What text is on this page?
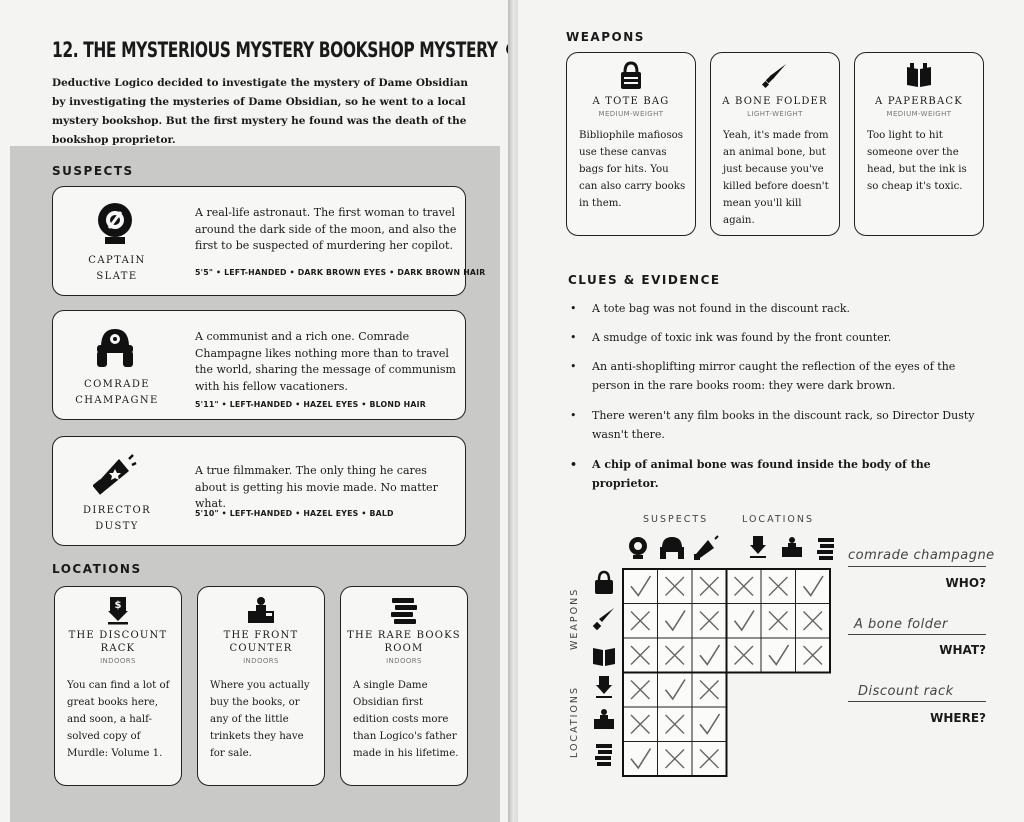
12. THE MYSTERIOUS MYSTERY BOOKSHOP MYSTERY
Deductive Logico decided to investigate the mystery of Dame Obsidian by investigating the mysteries of Dame Obsidian, so he went to a local mystery bookshop. But the first mystery he found was the death of the bookshop proprietor.
SUSPECTS
CAPTAIN
SLATE
A real-life astronaut. The first woman to travel around the dark side of the moon, and also the first to be suspected of murdering her copilot.
5'5" • LEFT-HANDED • DARK BROWN EYES • DARK BROWN HAIR
COMRADE
CHAMPAGNE
A communist and a rich one. Comrade Champagne likes nothing more than to travel the world, sharing the message of communism with his fellow vacationers.
5'11" • LEFT-HANDED • HAZEL EYES • BLOND HAIR
DIRECTOR
DUSTY
A true filmmaker. The only thing he cares about is getting his movie made. No matter what.
5'10" • LEFT-HANDED • HAZEL EYES • BALD
LOCATIONS
$
THE DISCOUNT RACK
INDOORS
You can find a lot of great books here, and soon, a half-solved copy of Murdle: Volume 1.
THE FRONT COUNTER
INDOORS
Where you actually buy the books, or any of the little trinkets they have for sale.
THE RARE BOOKS ROOM
INDOORS
A single Dame Obsidian first edition costs more than Logico's father made in his lifetime.
WEAPONS
A TOTE BAG
MEDIUM-WEIGHT
Bibliophile mafiosos use these canvas bags for hits. You can also carry books in them.
A BONE FOLDER
LIGHT-WEIGHT
Yeah, it's made from an animal bone, but just because you've killed before doesn't mean you'll kill again.
A PAPERBACK
MEDIUM-WEIGHT
Too light to hit someone over the head, but the ink is so cheap it's toxic.
CLUES & EVIDENCE
• A tote bag was not found in the discount rack.
• A smudge of toxic ink was found by the front counter.
• An anti-shoplifting mirror caught the reflection of the eyes of the person in the rare books room: they were dark brown.
• There weren't any film books in the discount rack, so Director Dusty wasn't there.
• A chip of animal bone was found inside the body of the proprietor.
SUSPECTS	LOCATIONS
WEAPONS
LOCATIONS
comrade champagne
WHO?
A bone folder
WHAT?
Discount rack
WHERE?
